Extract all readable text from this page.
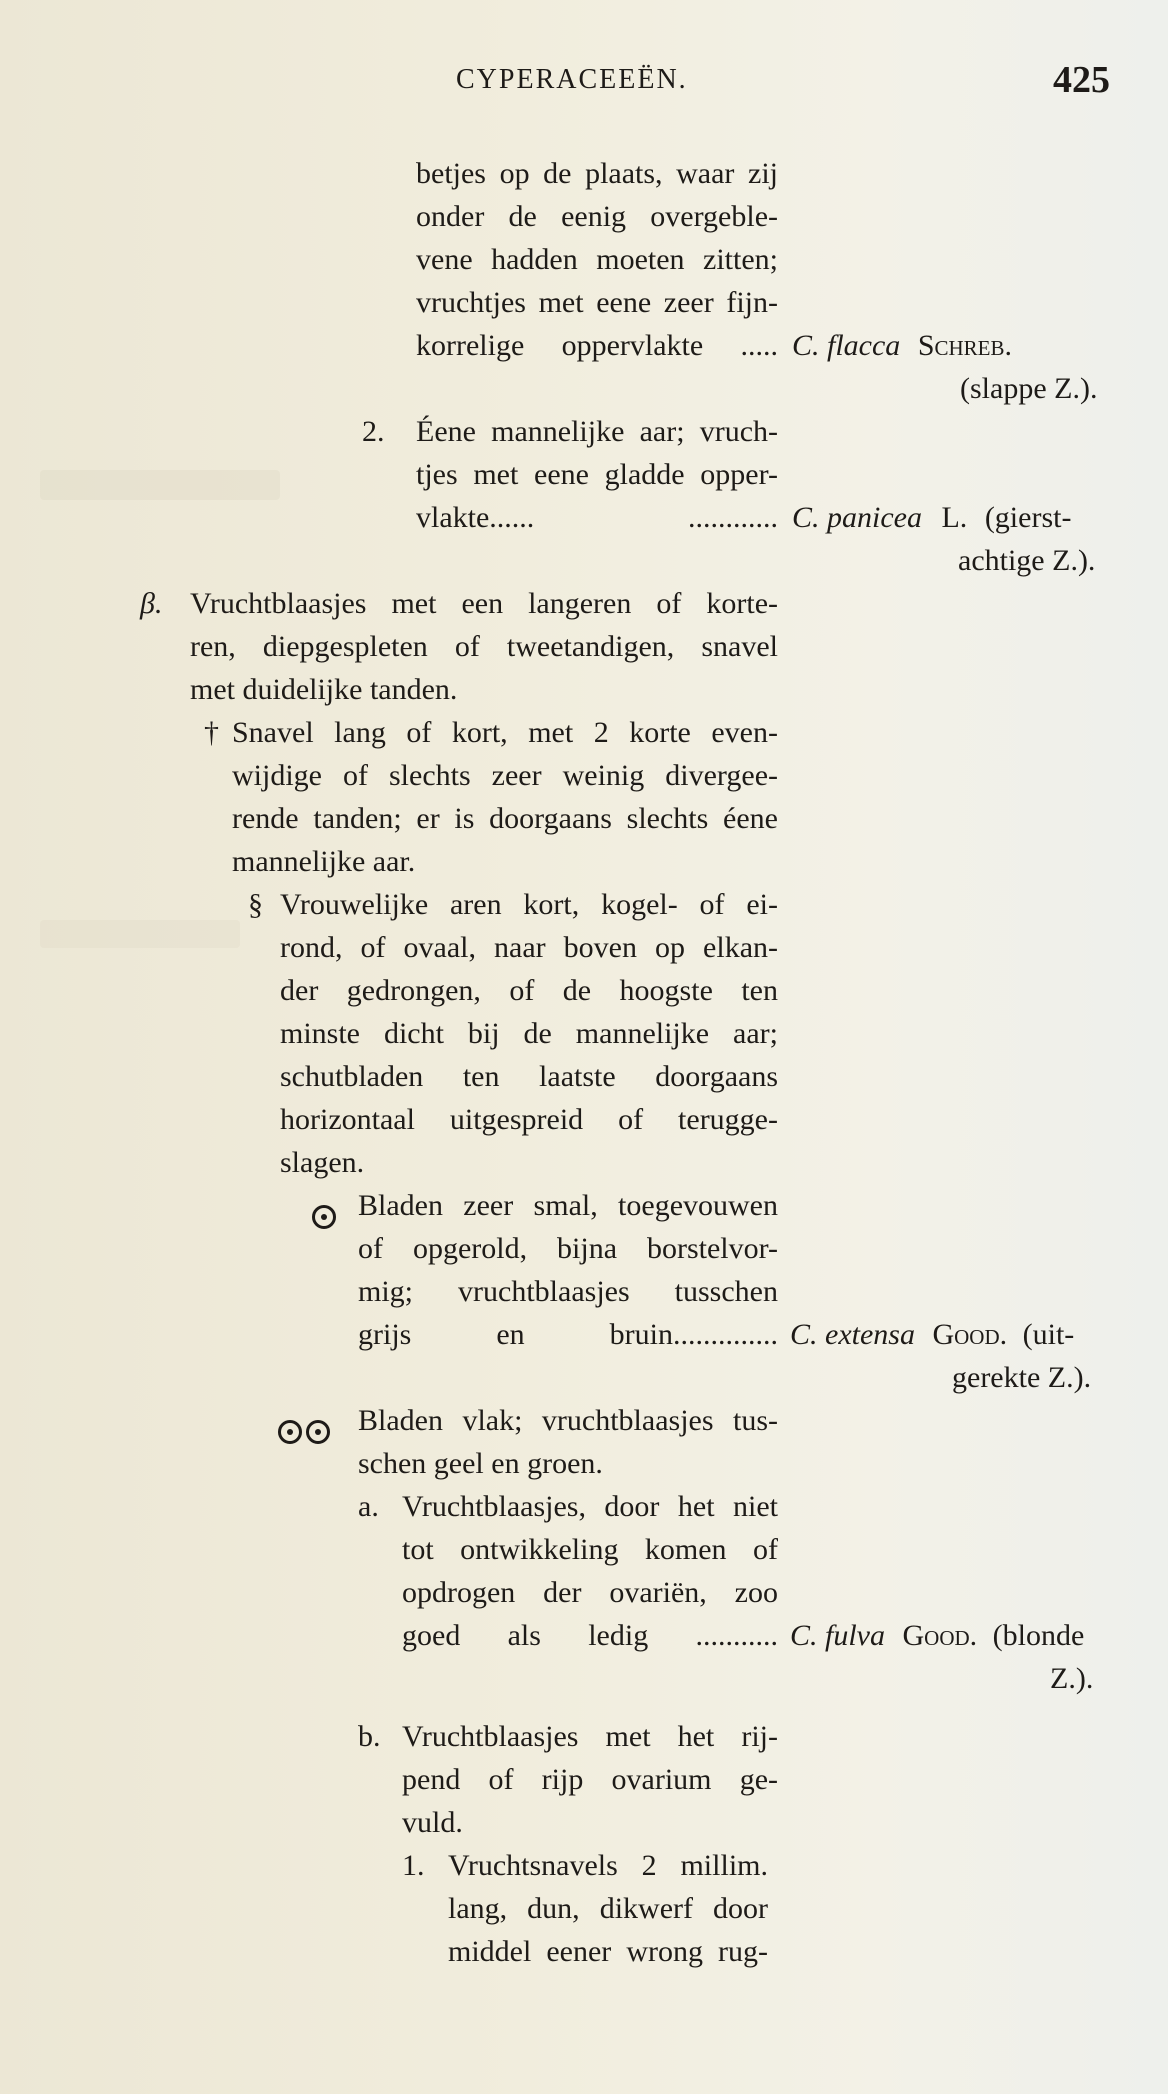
CYPERACEEËN.	425
betjes op de plaats, waar zij
onder de eenig overgeble-
vene hadden moeten zitten;
vruchtjes met eene zeer fijn-
korrelige oppervlakte ..... C. flacca Schreb.
(slappe Z.).
2. Éene mannelijke aar; vruch-
tjes met eene gladde opper-
vlakte...... ............ C. panicea L. (gierst-
achtige Z.).
β. Vruchtblaasjes met een langeren of korte-
ren, diepgespleten of tweetandigen, snavel
met duidelijke tanden.
† Snavel lang of kort, met 2 korte even-
wijdige of slechts zeer weinig divergee-
rende tanden; er is doorgaans slechts éene
mannelijke aar.
§ Vrouwelijke aren kort, kogel- of ei-
rond, of ovaal, naar boven op elkan-
der gedrongen, of de hoogste ten
minste dicht bij de mannelijke aar;
schutbladen ten laatste doorgaans
horizontaal uitgespreid of terugge-
slagen.
Bladen zeer smal, toegevouwen
of opgerold, bijna borstelvor-
mig; vruchtblaasjes tusschen
grijs en bruin.............. C. extensa Good. (uit-
gerekte Z.).
Bladen vlak; vruchtblaasjes tus-
schen geel en groen.
a. Vruchtblaasjes, door het niet
tot ontwikkeling komen of
opdrogen der ovariën, zoo
goed als ledig ........... C. fulva Good. (blonde
Z.).
b. Vruchtblaasjes met het rij-
pend of rijp ovarium ge-
vuld.
1. Vruchtsnavels 2 millim.
lang, dun, dikwerf door
middel eener wrong rug-
